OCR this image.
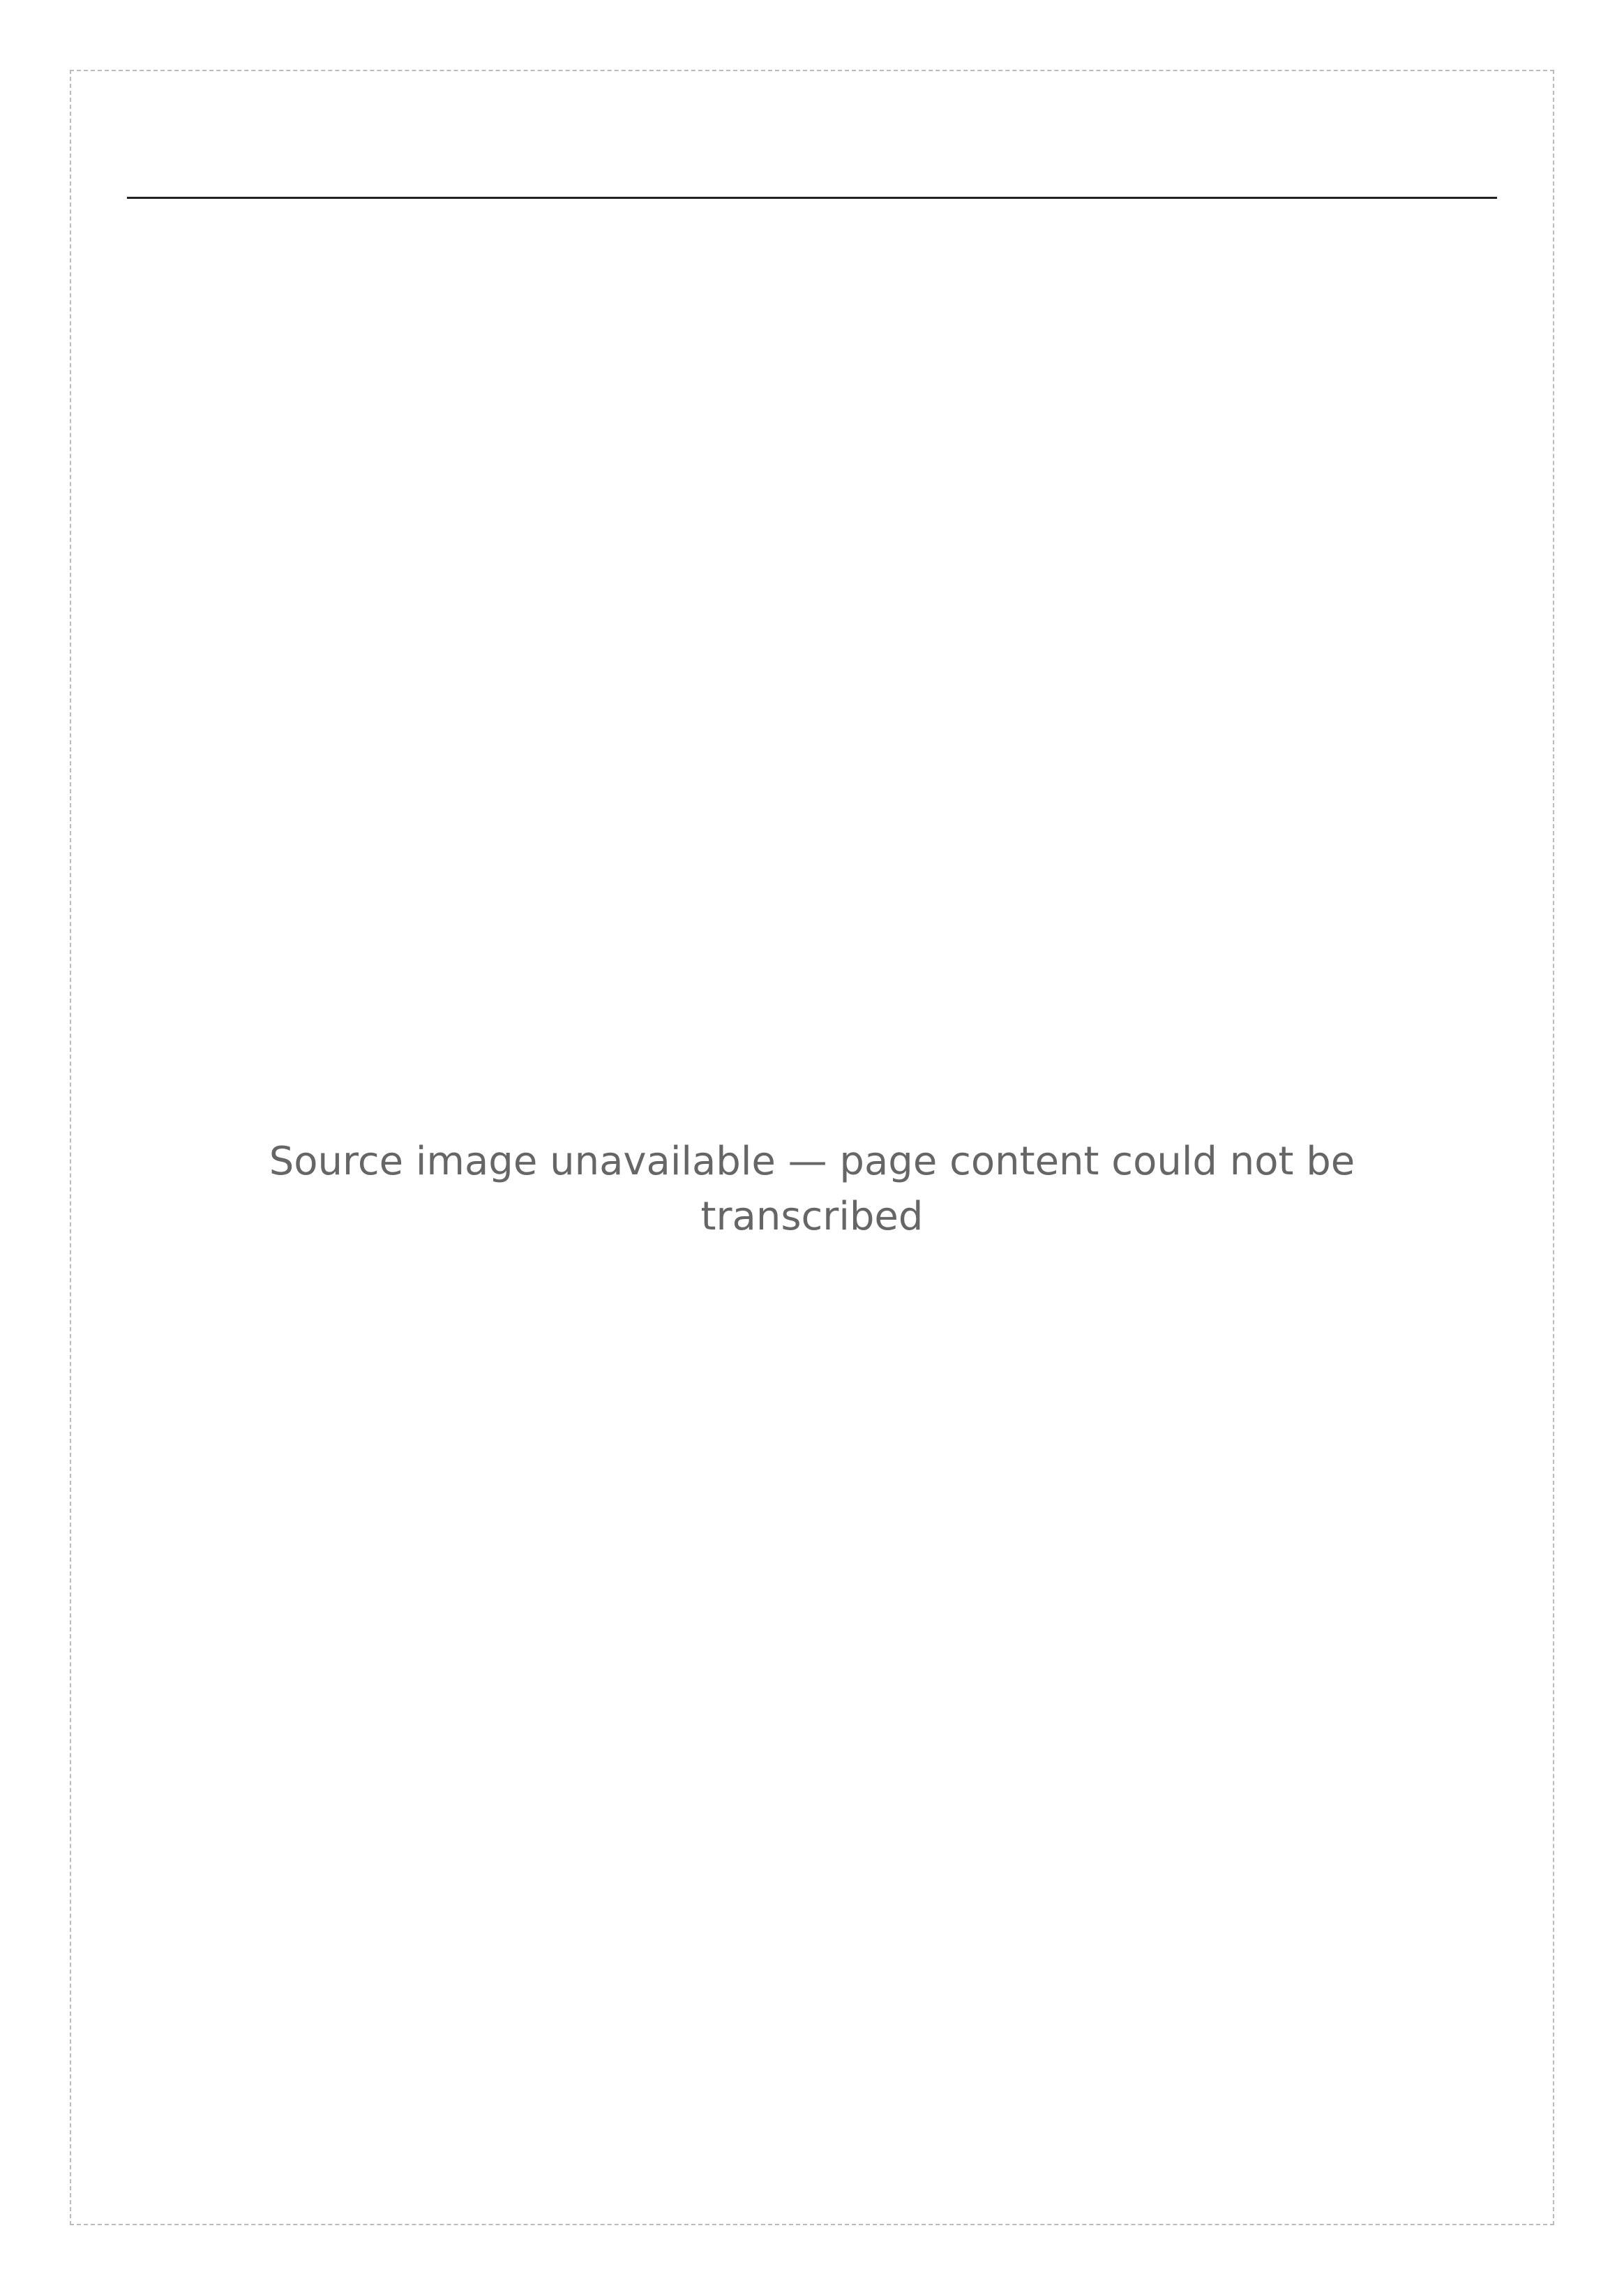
Source image unavailable — page content could not be transcribed
